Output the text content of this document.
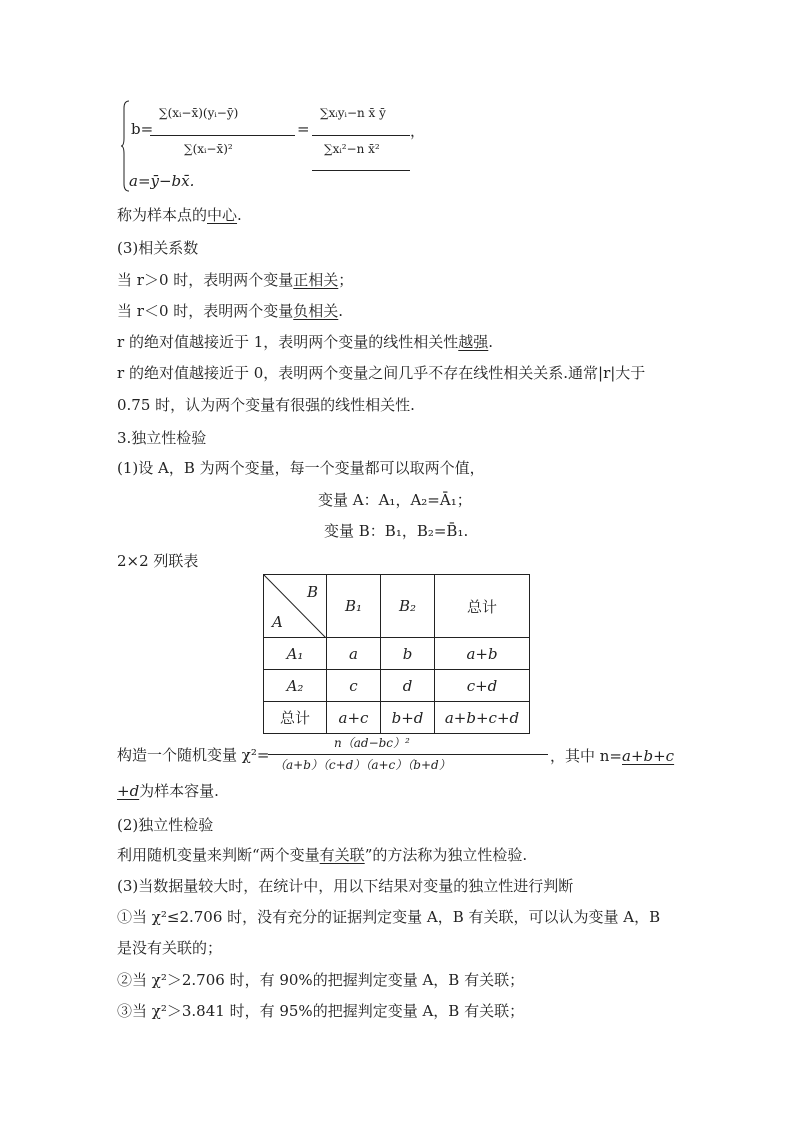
b=
∑(xᵢ−x̄)(yᵢ−ȳ)
∑(xᵢ−x̄)²
=
∑xᵢyᵢ−n x̄ ȳ
∑xᵢ²−n x̄²
，
a=ȳ−bx̄.
称为样本点的中心.
(3)相关系数
当 r＞0 时，表明两个变量正相关；
当 r＜0 时，表明两个变量负相关.
r 的绝对值越接近于 1，表明两个变量的线性相关性越强.
r 的绝对值越接近于 0，表明两个变量之间几乎不存在线性相关关系.通常|r|大于
0.75 时，认为两个变量有很强的线性相关性.
3.独立性检验
(1)设 A，B 为两个变量，每一个变量都可以取两个值，
变量 A：A₁，A₂=Ā₁；
变量 B：B₁，B₂=B̄₁.
2×2 列联表
B
A	B₁	B₂	总计
A₁	a	b	a+b
A₂	c	d	c+d
总计	a+c	b+d	a+b+c+d
构造一个随机变量 χ²=
n（ad−bc）²
（a+b）（c+d）（a+c）（b+d）	，其中 n=a+b+c
+d为样本容量.
(2)独立性检验
利用随机变量来判断“两个变量有关联”的方法称为独立性检验.
(3)当数据量较大时，在统计中，用以下结果对变量的独立性进行判断
①当 χ²≤2.706 时，没有充分的证据判定变量 A，B 有关联，可以认为变量 A，B
是没有关联的；
②当 χ²＞2.706 时，有 90%的把握判定变量 A，B 有关联；
③当 χ²＞3.841 时，有 95%的把握判定变量 A，B 有关联；
